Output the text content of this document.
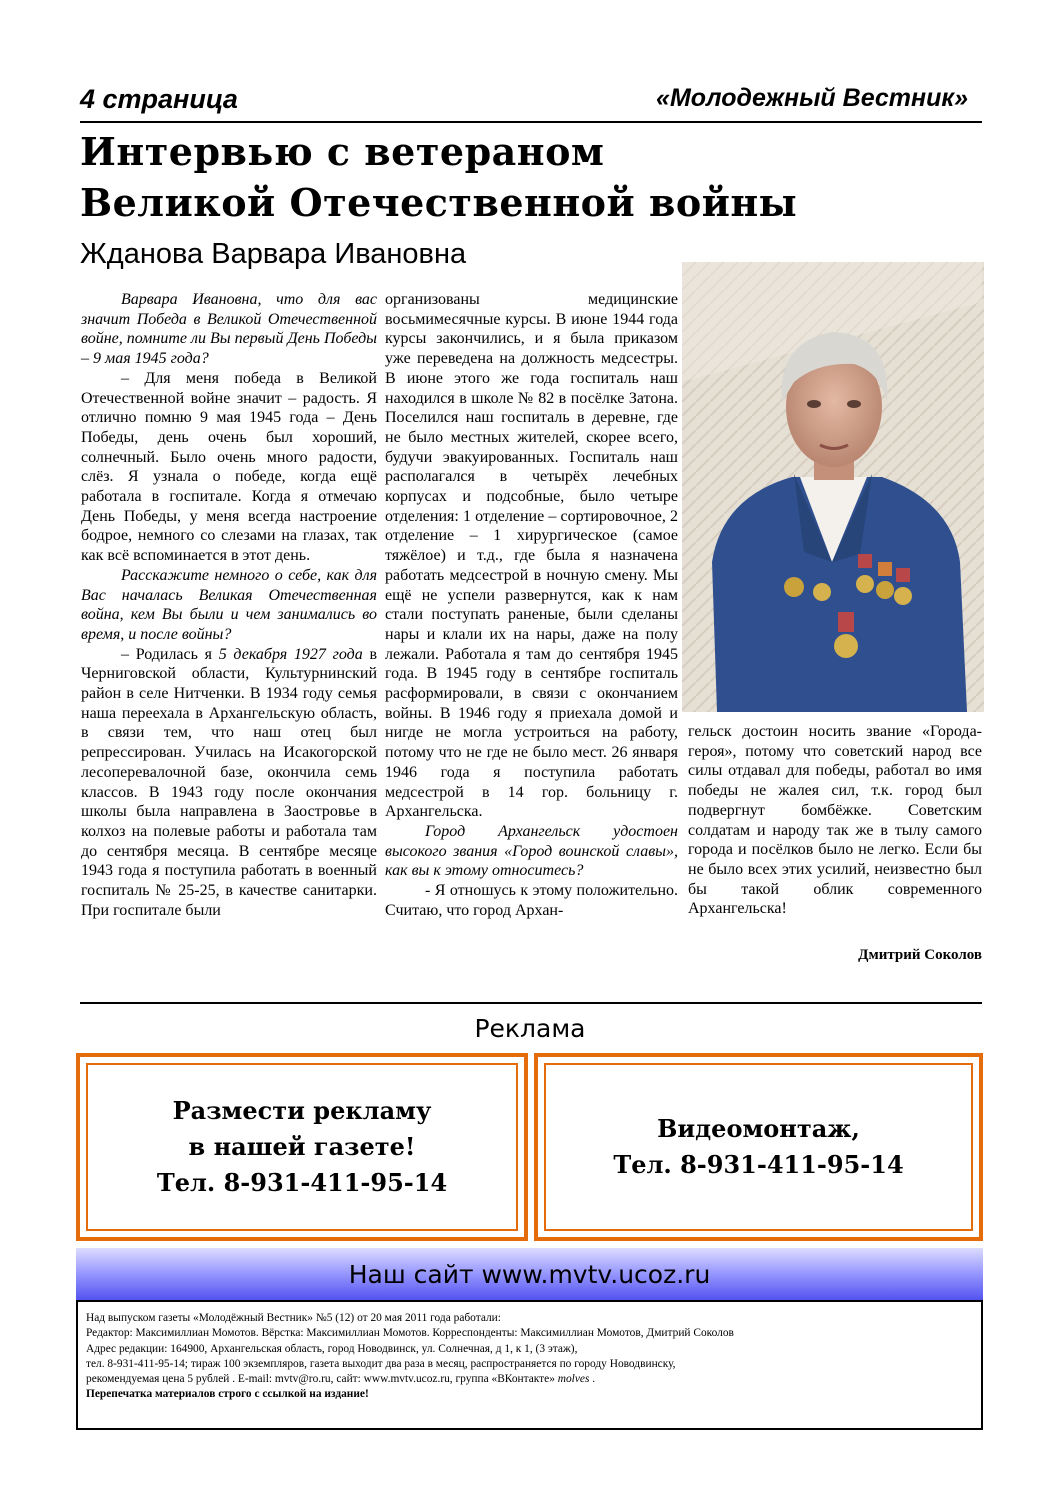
4 страница	«Молодежный Вестник»
Интервью с ветераном
Великой Отечественной войны
Жданова Варвара Ивановна

Варвара Ивановна, что для вас значит Победа в Великой Отечественной войне, помните ли Вы первый День Победы – 9 мая 1945 года?

– Для меня победа в Великой Отечественной войне значит – радость. Я отлично помню 9 мая 1945 года – День Победы, день очень был хороший, солнечный. Было очень много радости, слёз. Я узнала о победе, когда ещё работала в госпитале. Когда я отмечаю День Победы, у меня всегда настроение бодрое, немного со слезами на глазах, так как всё вспоминается в этот день.

Расскажите немного о себе, как для Вас началась Великая Отечественная война, кем Вы были и чем занимались во время, и после войны?

– Родилась я 5 декабря 1927 года в Черниговской области, Культурнинский район в селе Нитченки. В 1934 году семья наша переехала в Архангельскую область, в связи тем, что наш отец был репрессирован. Училась на Исакогорской лесоперевалочной базе, окончила семь классов. В 1943 году после окончания школы была направлена в Заостровье в колхоз на полевые работы и работала там до сентября месяца. В сентябре месяце 1943 года я поступила работать в военный госпиталь № 25-25, в качестве санитарки. При госпитале были

организованы медицинские восьмимесячные курсы. В июне 1944 года курсы закончились, и я была приказом уже переведена на должность медсестры. В июне этого же года госпиталь наш находился в школе № 82 в посёлке Затона. Поселился наш госпиталь в деревне, где не было местных жителей, скорее всего, будучи эвакуированных. Госпиталь наш располагался в четырёх лечебных корпусах и подсобные, было четыре отделения: 1 отделение – сортировочное, 2 отделение – 1 хирургическое (самое тяжёлое) и т.д., где была я назначена работать медсестрой в ночную смену. Мы ещё не успели развернутся, как к нам стали поступать раненые, были сделаны нары и клали их на нары, даже на полу лежали. Работала я там до сентября 1945 года. В 1945 году в сентябре госпиталь расформировали, в связи с окончанием войны. В 1946 году я приехала домой и нигде не могла устроиться на работу, потому что не где не было мест. 26 января 1946 года я поступила работать медсестрой в 14 гор. больницу г. Архангельска.

Город Архангельск удостоен высокого звания «Город воинской славы», как вы к этому относитесь?

- Я отношусь к этому положительно. Считаю, что город Архан-

гельск достоин носить звание «Города-героя», потому что советский народ все силы отдавал для победы, работал во имя победы не жалея сил, т.к. город был подвергнут бомбёжке. Советским солдатам и народу так же в тылу самого города и посёлков было не легко. Если бы не было всех этих усилий, неизвестно был бы такой облик современного Архангельска!

Дмитрий Соколов
Реклама
Размести рекламу
в нашей газете!
Тел. 8-931-411-95-14
Видеомонтаж,
Тел. 8-931-411-95-14
Наш сайт www.mvtv.ucoz.ru
Над выпуском газеты «Молодёжный Вестник» №5 (12) от 20 мая 2011 года работали:
Редактор: Максимиллиан Момотов. Вёрстка: Максимиллиан Момотов. Корреспонденты: Максимиллиан Момотов, Дмитрий Соколов
Адрес редакции: 164900, Архангельская область, город Новодвинск, ул. Солнечная, д 1, к 1, (3 этаж),
тел. 8-931-411-95-14; тираж 100 экземпляров, газета выходит два раза в месяц, распространяется по городу Новодвинску,
рекомендуемая цена 5 рублей . E-mail: mvtv@ro.ru, сайт: www.mvtv.ucoz.ru, группа «ВКонтакте» molves .
Перепечатка материалов строго с ссылкой на издание!
